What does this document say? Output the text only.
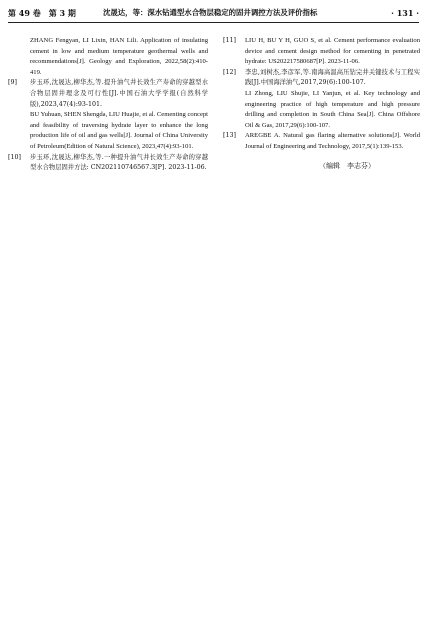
第 49 卷　第 3 期	沈晟达，等：深水钻通型水合物层稳定的固井调控方法及评价指标	· 131 ·
ZHANG Fengyan, LI Lixin, HAN Lili. Application of insulating cement in low and medium temperature geothermal wells and recommendations[J]. Geology and Exploration, 2022,58(2):410-419.
[9] 步玉环,沈晟达,柳华杰,等.提升油气井长效生产寿命的穿越型水合物层固井理念及可行性[J].中国石油大学学报(自然科学版),2023,47(4):93-101.
BU Yuhuan, SHEN Shengda, LIU Huajie, et al. Cementing concept and feasibility of traversing hydrate layer to enhance the long production life of oil and gas wells[J]. Journal of China University of Petroleum(Edition of Natural Science), 2023,47(4):93-101.
[10] 步玉环,沈晟达,柳华杰,等.一种提升油气井长效生产寿命的穿越型水合物层固井方法: CN202110746567.3[P]. 2023-11-06.
[11] LIU H, BU Y H, GUO S, et al. Cement performance evaluation device and cement design method for cementing in penetrated hydrate: US202217580687[P]. 2023-11-06.
[12] 李忠,刘树杰,李彦军,等.南海高温高压钻完井关键技术与工程实践[J].中国海洋油气,2017,29(6):100-107.
LI Zhong, LIU Shujie, LI Yanjun, et al. Key technology and engineering practice of high temperature and high pressure drilling and completion in South China Sea[J]. China Offshore Oil & Gas, 2017,29(6):100-107.
[13] AREGBE A. Natural gas flaring alternative solutions[J]. World Journal of Engineering and Technology, 2017,5(1):139-153.
（编辑　李志芬）
